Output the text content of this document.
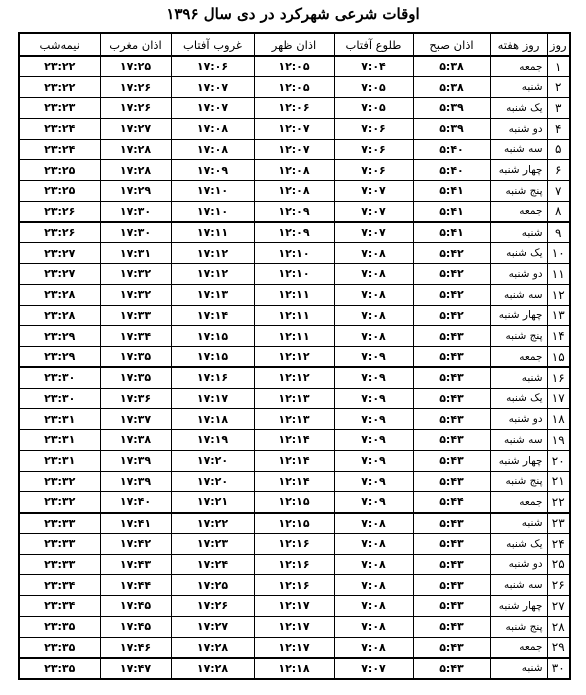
اوقات شرعی شهرکرد در دی سال ۱۳۹۶
روز	روز هفته	اذان صبح	طلوع آفتاب	اذان ظهر	غروب آفتاب	اذان مغرب	نیمه‌شب
۱	جمعه	۵:۳۸	۷:۰۴	۱۲:۰۵	۱۷:۰۶	۱۷:۲۵	۲۳:۲۲
۲	شنبه	۵:۳۸	۷:۰۵	۱۲:۰۵	۱۷:۰۷	۱۷:۲۶	۲۳:۲۲
۳	یک شنبه	۵:۳۹	۷:۰۵	۱۲:۰۶	۱۷:۰۷	۱۷:۲۶	۲۳:۲۳
۴	دو شنبه	۵:۳۹	۷:۰۶	۱۲:۰۷	۱۷:۰۸	۱۷:۲۷	۲۳:۲۴
۵	سه شنبه	۵:۴۰	۷:۰۶	۱۲:۰۷	۱۷:۰۸	۱۷:۲۸	۲۳:۲۴
۶	چهار شنبه	۵:۴۰	۷:۰۶	۱۲:۰۸	۱۷:۰۹	۱۷:۲۸	۲۳:۲۵
۷	پنج شنبه	۵:۴۱	۷:۰۷	۱۲:۰۸	۱۷:۱۰	۱۷:۲۹	۲۳:۲۵
۸	جمعه	۵:۴۱	۷:۰۷	۱۲:۰۹	۱۷:۱۰	۱۷:۳۰	۲۳:۲۶
۹	شنبه	۵:۴۱	۷:۰۷	۱۲:۰۹	۱۷:۱۱	۱۷:۳۰	۲۳:۲۶
۱۰	یک شنبه	۵:۴۲	۷:۰۸	۱۲:۱۰	۱۷:۱۲	۱۷:۳۱	۲۳:۲۷
۱۱	دو شنبه	۵:۴۲	۷:۰۸	۱۲:۱۰	۱۷:۱۲	۱۷:۳۲	۲۳:۲۷
۱۲	سه شنبه	۵:۴۲	۷:۰۸	۱۲:۱۱	۱۷:۱۳	۱۷:۳۲	۲۳:۲۸
۱۳	چهار شنبه	۵:۴۲	۷:۰۸	۱۲:۱۱	۱۷:۱۴	۱۷:۳۳	۲۳:۲۸
۱۴	پنج شنبه	۵:۴۳	۷:۰۸	۱۲:۱۱	۱۷:۱۵	۱۷:۳۴	۲۳:۲۹
۱۵	جمعه	۵:۴۳	۷:۰۹	۱۲:۱۲	۱۷:۱۵	۱۷:۳۵	۲۳:۲۹
۱۶	شنبه	۵:۴۳	۷:۰۹	۱۲:۱۲	۱۷:۱۶	۱۷:۳۵	۲۳:۳۰
۱۷	یک شنبه	۵:۴۳	۷:۰۹	۱۲:۱۳	۱۷:۱۷	۱۷:۳۶	۲۳:۳۰
۱۸	دو شنبه	۵:۴۳	۷:۰۹	۱۲:۱۳	۱۷:۱۸	۱۷:۳۷	۲۳:۳۱
۱۹	سه شنبه	۵:۴۳	۷:۰۹	۱۲:۱۴	۱۷:۱۹	۱۷:۳۸	۲۳:۳۱
۲۰	چهار شنبه	۵:۴۳	۷:۰۹	۱۲:۱۴	۱۷:۲۰	۱۷:۳۹	۲۳:۳۱
۲۱	پنج شنبه	۵:۴۳	۷:۰۹	۱۲:۱۴	۱۷:۲۰	۱۷:۳۹	۲۳:۳۲
۲۲	جمعه	۵:۴۴	۷:۰۹	۱۲:۱۵	۱۷:۲۱	۱۷:۴۰	۲۳:۳۲
۲۳	شنبه	۵:۴۳	۷:۰۸	۱۲:۱۵	۱۷:۲۲	۱۷:۴۱	۲۳:۳۳
۲۴	یک شنبه	۵:۴۳	۷:۰۸	۱۲:۱۶	۱۷:۲۳	۱۷:۴۲	۲۳:۳۳
۲۵	دو شنبه	۵:۴۳	۷:۰۸	۱۲:۱۶	۱۷:۲۴	۱۷:۴۳	۲۳:۳۳
۲۶	سه شنبه	۵:۴۳	۷:۰۸	۱۲:۱۶	۱۷:۲۵	۱۷:۴۴	۲۳:۳۴
۲۷	چهار شنبه	۵:۴۳	۷:۰۸	۱۲:۱۷	۱۷:۲۶	۱۷:۴۵	۲۳:۳۴
۲۸	پنج شنبه	۵:۴۳	۷:۰۸	۱۲:۱۷	۱۷:۲۷	۱۷:۴۵	۲۳:۳۵
۲۹	جمعه	۵:۴۳	۷:۰۸	۱۲:۱۷	۱۷:۲۸	۱۷:۴۶	۲۳:۳۵
۳۰	شنبه	۵:۴۳	۷:۰۷	۱۲:۱۸	۱۷:۲۸	۱۷:۴۷	۲۳:۳۵
